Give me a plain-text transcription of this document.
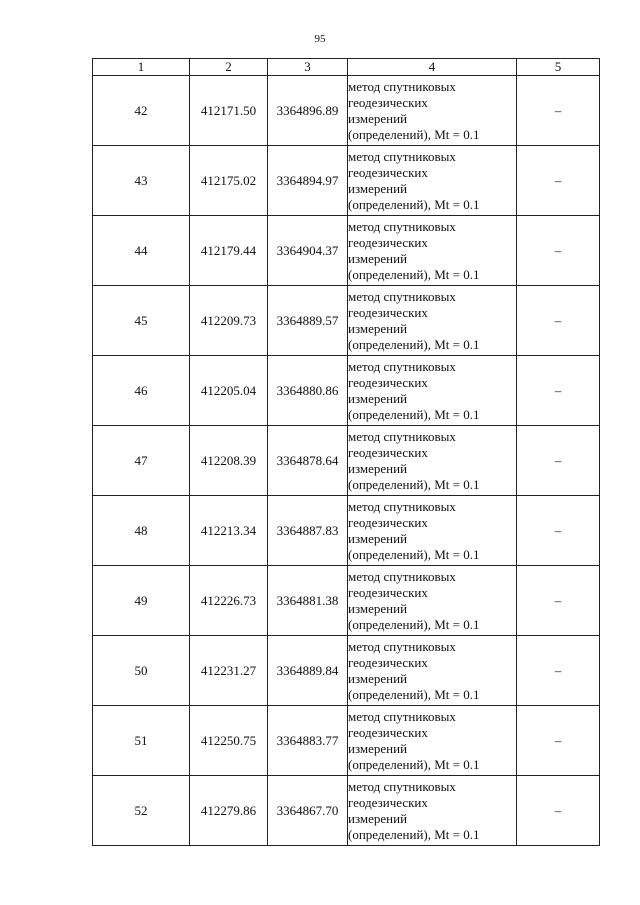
95
1	2	3	4	5
42	412171.50	3364896.89	метод спутниковых
геодезических
измерений
(определений), Mt = 0.1	–
43	412175.02	3364894.97	метод спутниковых
геодезических
измерений
(определений), Mt = 0.1	–
44	412179.44	3364904.37	метод спутниковых
геодезических
измерений
(определений), Mt = 0.1	–
45	412209.73	3364889.57	метод спутниковых
геодезических
измерений
(определений), Mt = 0.1	–
46	412205.04	3364880.86	метод спутниковых
геодезических
измерений
(определений), Mt = 0.1	–
47	412208.39	3364878.64	метод спутниковых
геодезических
измерений
(определений), Mt = 0.1	–
48	412213.34	3364887.83	метод спутниковых
геодезических
измерений
(определений), Mt = 0.1	–
49	412226.73	3364881.38	метод спутниковых
геодезических
измерений
(определений), Mt = 0.1	–
50	412231.27	3364889.84	метод спутниковых
геодезических
измерений
(определений), Mt = 0.1	–
51	412250.75	3364883.77	метод спутниковых
геодезических
измерений
(определений), Mt = 0.1	–
52	412279.86	3364867.70	метод спутниковых
геодезических
измерений
(определений), Mt = 0.1	–
